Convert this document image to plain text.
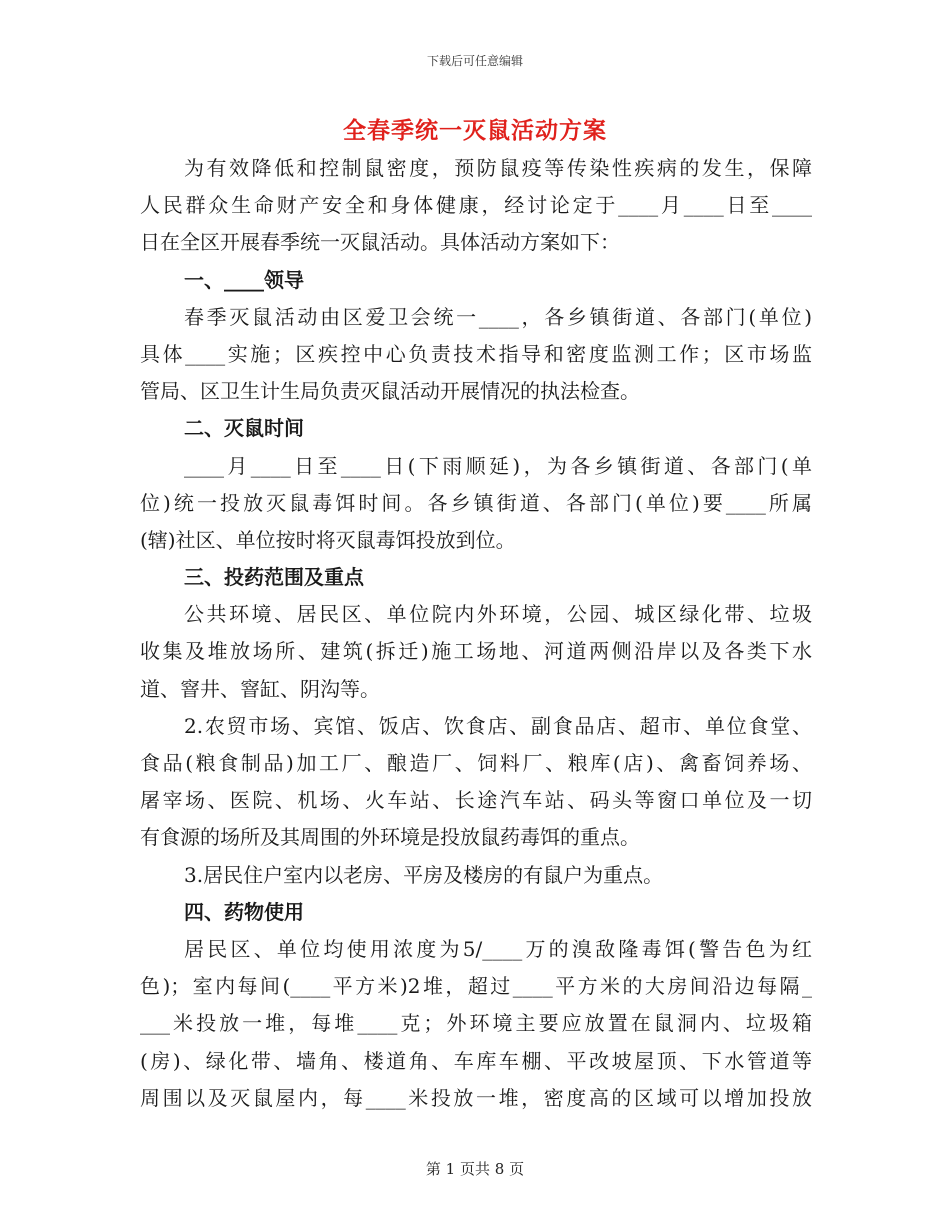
下载后可任意编辑
全春季统一灭鼠活动方案
为有效降低和控制鼠密度，预防鼠疫等传染性疾病的发生，保障
人民群众生命财产安全和身体健康，经讨论定于____月____日至____
日在全区开展春季统一灭鼠活动。具体活动方案如下：
一、____领导
春季灭鼠活动由区爱卫会统一____，各乡镇街道、各部门(单位)
具体____实施；区疾控中心负责技术指导和密度监测工作；区市场监
管局、区卫生计生局负责灭鼠活动开展情况的执法检查。
二、灭鼠时间
____月____日至____日(下雨顺延)，为各乡镇街道、各部门(单
位)统一投放灭鼠毒饵时间。各乡镇街道、各部门(单位)要____所属
(辖)社区、单位按时将灭鼠毒饵投放到位。
三、投药范围及重点
公共环境、居民区、单位院内外环境，公园、城区绿化带、垃圾
收集及堆放场所、建筑(拆迁)施工场地、河道两侧沿岸以及各类下水
道、窨井、窨缸、阴沟等。
2.农贸市场、宾馆、饭店、饮食店、副食品店、超市、单位食堂、
食品(粮食制品)加工厂、酿造厂、饲料厂、粮库(店)、禽畜饲养场、
屠宰场、医院、机场、火车站、长途汽车站、码头等窗口单位及一切
有食源的场所及其周围的外环境是投放鼠药毒饵的重点。
3.居民住户室内以老房、平房及楼房的有鼠户为重点。
四、药物使用
居民区、单位均使用浓度为5/____万的溴敌隆毒饵(警告色为红
色)；室内每间(____平方米)2堆，超过____平方米的大房间沿边每隔_
___米投放一堆，每堆____克；外环境主要应放置在鼠洞内、垃圾箱
(房)、绿化带、墙角、楼道角、车库车棚、平改坡屋顶、下水管道等
周围以及灭鼠屋内，每____米投放一堆，密度高的区域可以增加投放
第 1 页共 8 页
